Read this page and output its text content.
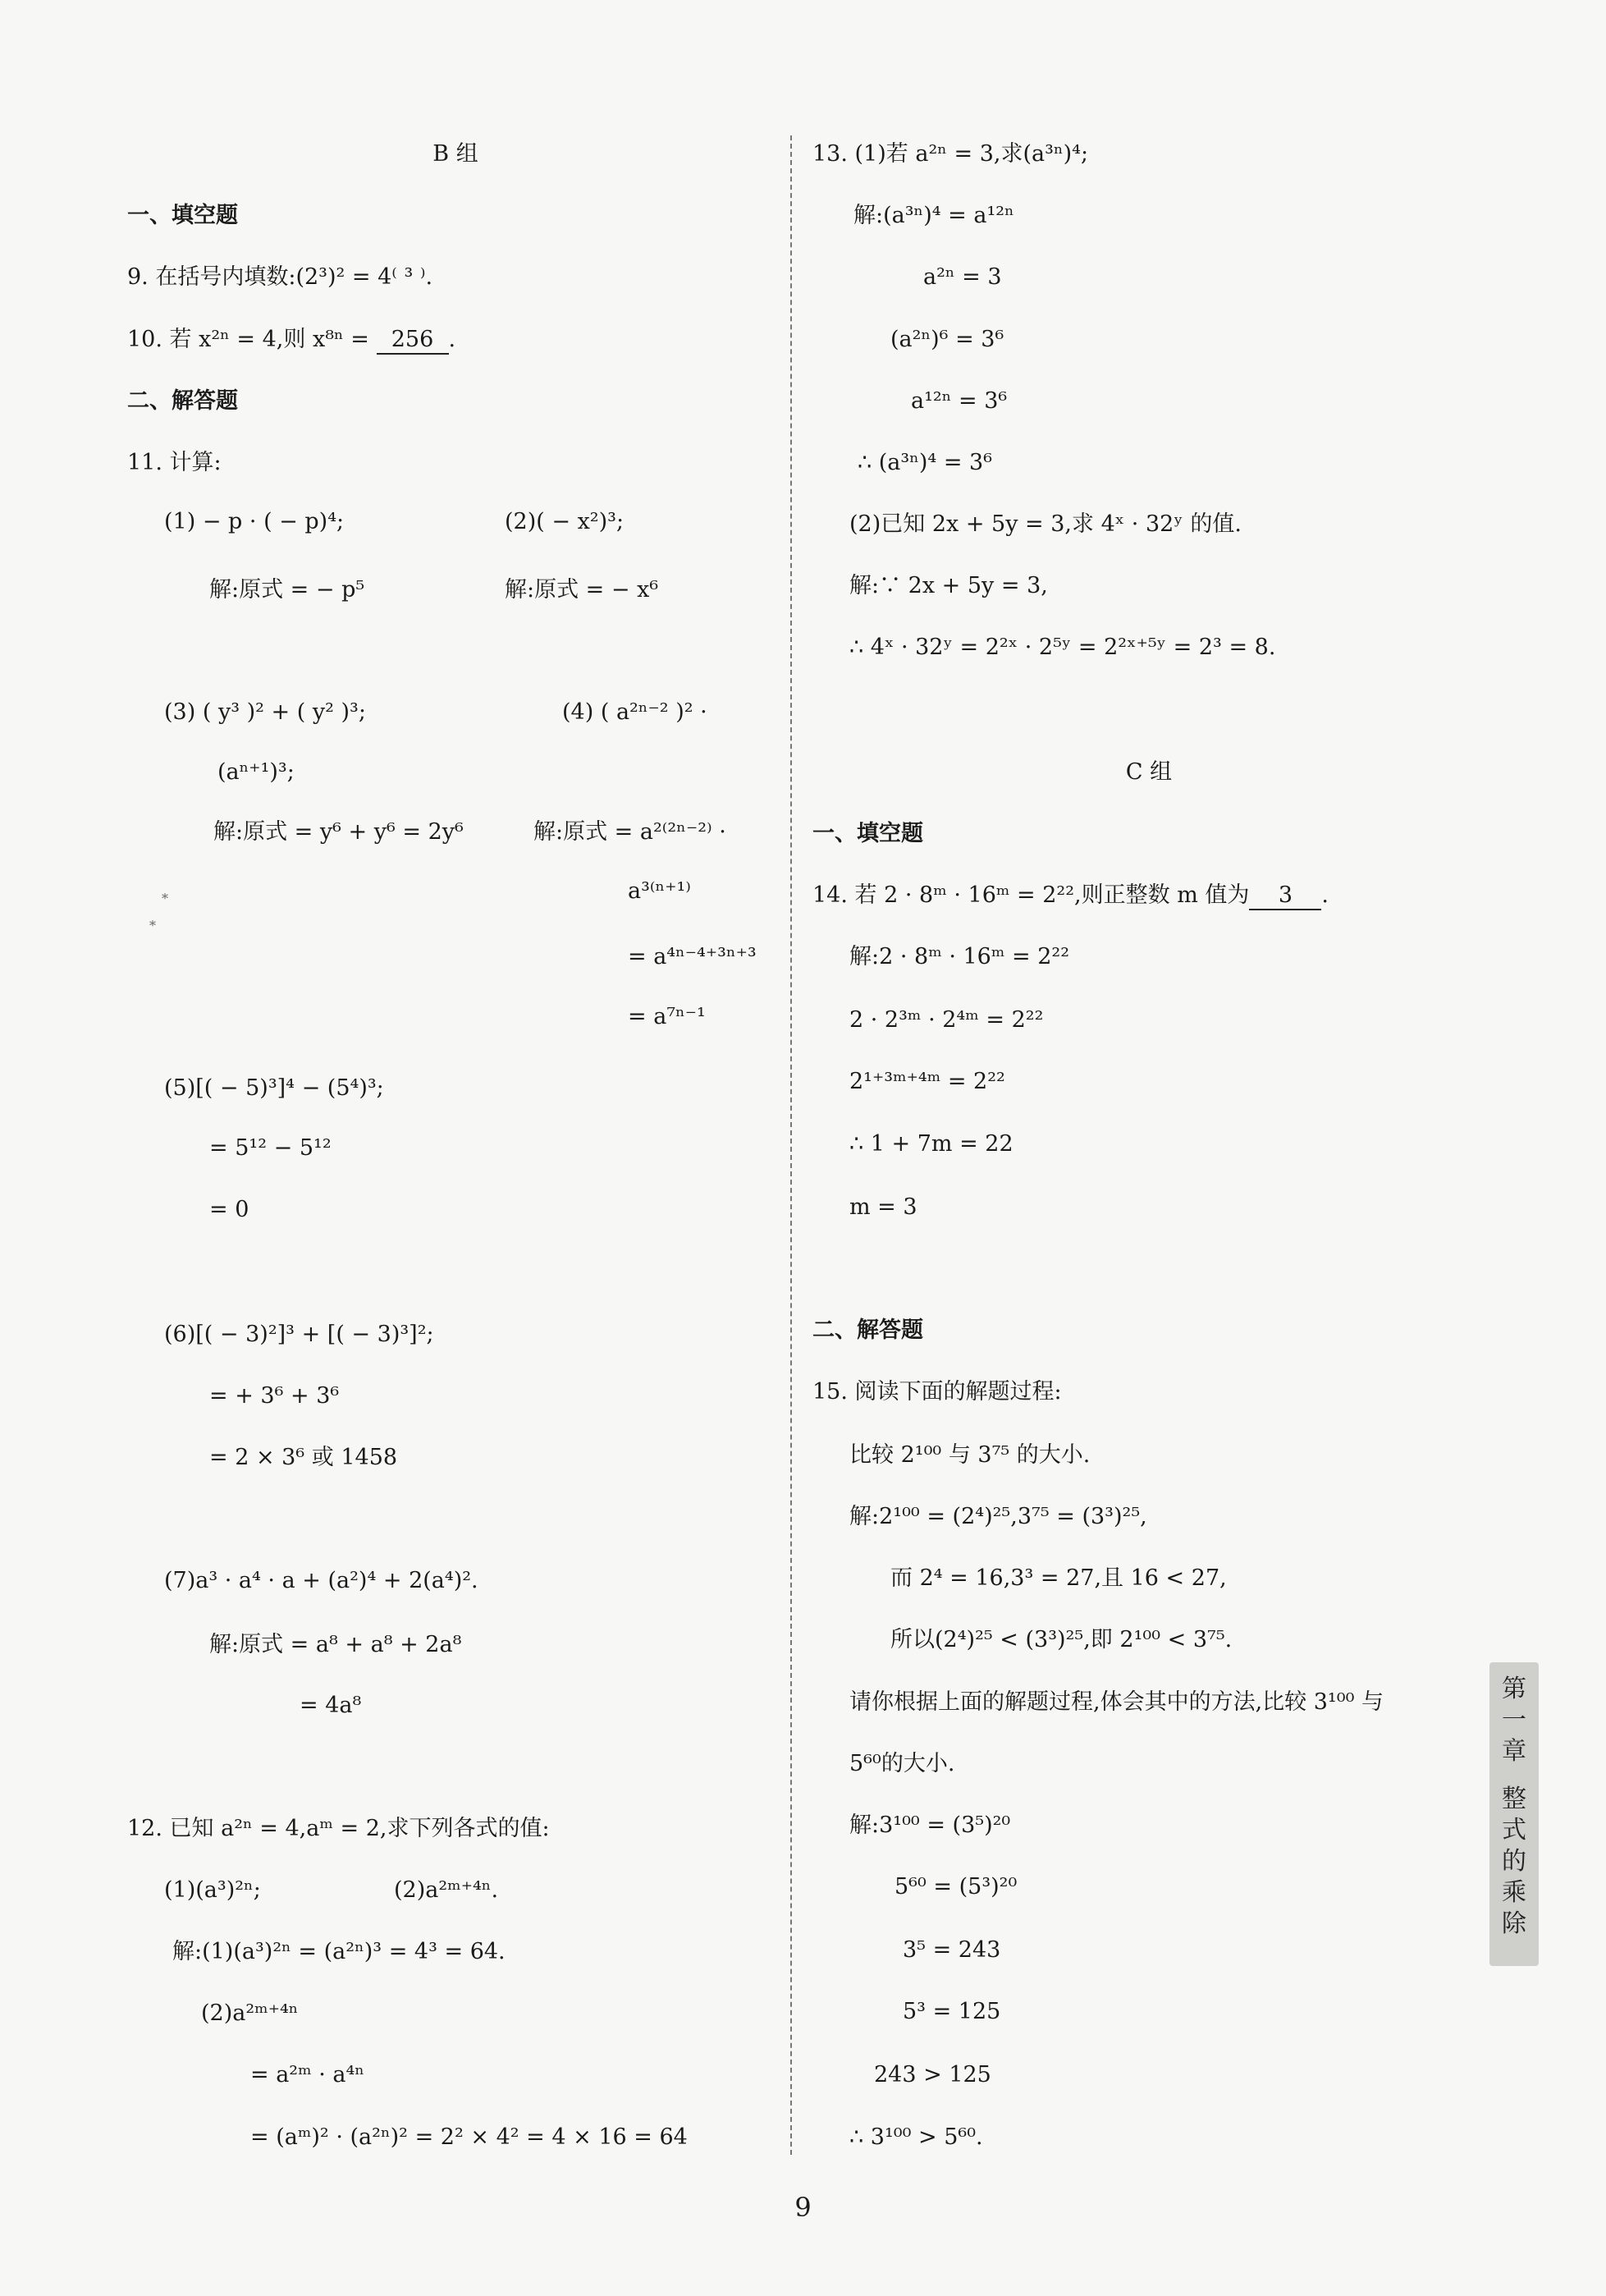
B 组
一、填空题
9. 在括号内填数:(2³)² = 4⁽ ³ ⁾.
10. 若 x²ⁿ = 4,则 x⁸ⁿ = 256 .
二、解答题
11. 计算:
(1) − p · ( − p)⁴;	(2)( − x²)³;
解:原式 = − p⁵	解:原式 = − x⁶
(3) ( y³ )² + ( y² )³;	(4) ( a²ⁿ⁻² )² ·
(aⁿ⁺¹)³;
解:原式 = y⁶ + y⁶ = 2y⁶	解:原式 = a²⁽²ⁿ⁻²⁾ ·
*
*
a³⁽ⁿ⁺¹⁾
= a⁴ⁿ⁻⁴⁺³ⁿ⁺³
= a⁷ⁿ⁻¹
(5)[( − 5)³]⁴ − (5⁴)³;
= 5¹² − 5¹²
= 0
(6)[( − 3)²]³ + [( − 3)³]²;
= + 3⁶ + 3⁶
= 2 × 3⁶ 或 1458
(7)a³ · a⁴ · a + (a²)⁴ + 2(a⁴)².
解:原式 = a⁸ + a⁸ + 2a⁸
= 4a⁸
12. 已知 a²ⁿ = 4,aᵐ = 2,求下列各式的值:
(1)(a³)²ⁿ;	(2)a²ᵐ⁺⁴ⁿ.
解:(1)(a³)²ⁿ = (a²ⁿ)³ = 4³ = 64.
(2)a²ᵐ⁺⁴ⁿ
= a²ᵐ · a⁴ⁿ
= (aᵐ)² · (a²ⁿ)² = 2² × 4² = 4 × 16 = 64
13. (1)若 a²ⁿ = 3,求(a³ⁿ)⁴;
解:(a³ⁿ)⁴ = a¹²ⁿ
a²ⁿ = 3
(a²ⁿ)⁶ = 3⁶
a¹²ⁿ = 3⁶
∴ (a³ⁿ)⁴ = 3⁶
(2)已知 2x + 5y = 3,求 4ˣ · 32ʸ 的值.
解:∵ 2x + 5y = 3,
∴ 4ˣ · 32ʸ = 2²ˣ · 2⁵ʸ = 2²ˣ⁺⁵ʸ = 2³ = 8.
C 组
一、填空题
14. 若 2 · 8ᵐ · 16ᵐ = 2²²,则正整数 m 值为 3 .
解:2 · 8ᵐ · 16ᵐ = 2²²
2 · 2³ᵐ · 2⁴ᵐ = 2²²
2¹⁺³ᵐ⁺⁴ᵐ = 2²²
∴ 1 + 7m = 22
m = 3
二、解答题
15. 阅读下面的解题过程:
比较 2¹⁰⁰ 与 3⁷⁵ 的大小.
解:2¹⁰⁰ = (2⁴)²⁵,3⁷⁵ = (3³)²⁵,
而 2⁴ = 16,3³ = 27,且 16 < 27,
所以(2⁴)²⁵ < (3³)²⁵,即 2¹⁰⁰ < 3⁷⁵.
请你根据上面的解题过程,体会其中的方法,比较 3¹⁰⁰ 与
5⁶⁰的大小.
解:3¹⁰⁰ = (3⁵)²⁰
5⁶⁰ = (5³)²⁰
3⁵ = 243
5³ = 125
243 > 125
∴ 3¹⁰⁰ > 5⁶⁰.
第
一
章
整
式
的
乘
除
9
